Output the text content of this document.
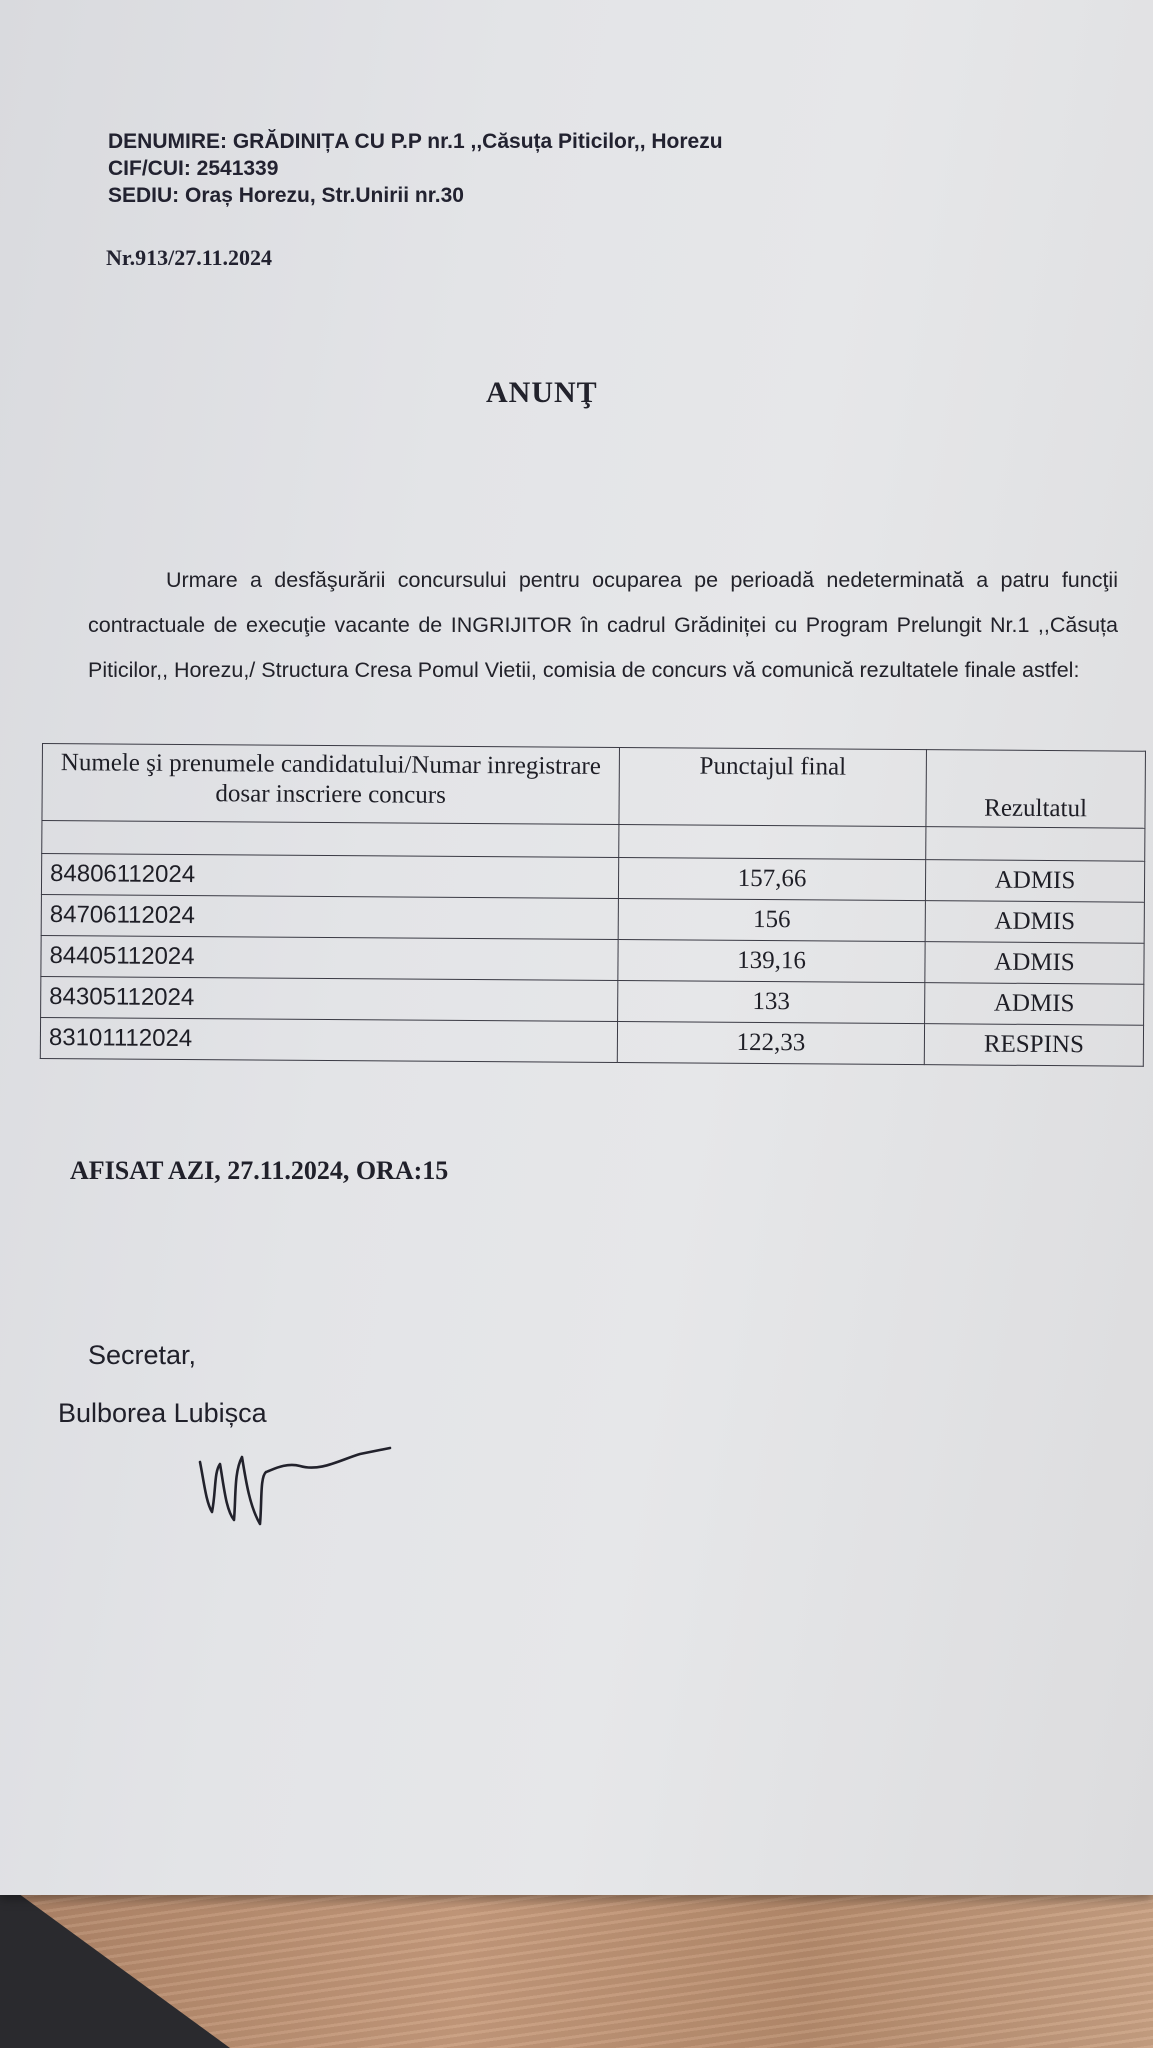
DENUMIRE: GRĂDINIȚA CU P.P nr.1 ,,Căsuța Piticilor,, Horezu
CIF/CUI: 2541339
SEDIU: Oraș Horezu, Str.Unirii nr.30
Nr.913/27.11.2024
ANUNŢ
Urmare a desfăşurării concursului pentru ocuparea pe perioadă nedeterminată a patru funcţii contractuale de execuţie vacante de INGRIJITOR în cadrul Grădiniței cu Program Prelungit Nr.1 ,,Căsuța Piticilor,, Horezu,/ Structura Cresa Pomul Vietii, comisia de concurs vă comunică rezultatele finale astfel:
Numele şi prenumele candidatului/Numar inregistrare dosar inscriere concurs	Punctajul final	Rezultatul

84806112024	157,66	ADMIS
84706112024	156	ADMIS
84405112024	139,16	ADMIS
84305112024	133	ADMIS
83101112024	122,33	RESPINS
AFISAT AZI, 27.11.2024, ORA:15
Secretar,
Bulborea Lubișca
